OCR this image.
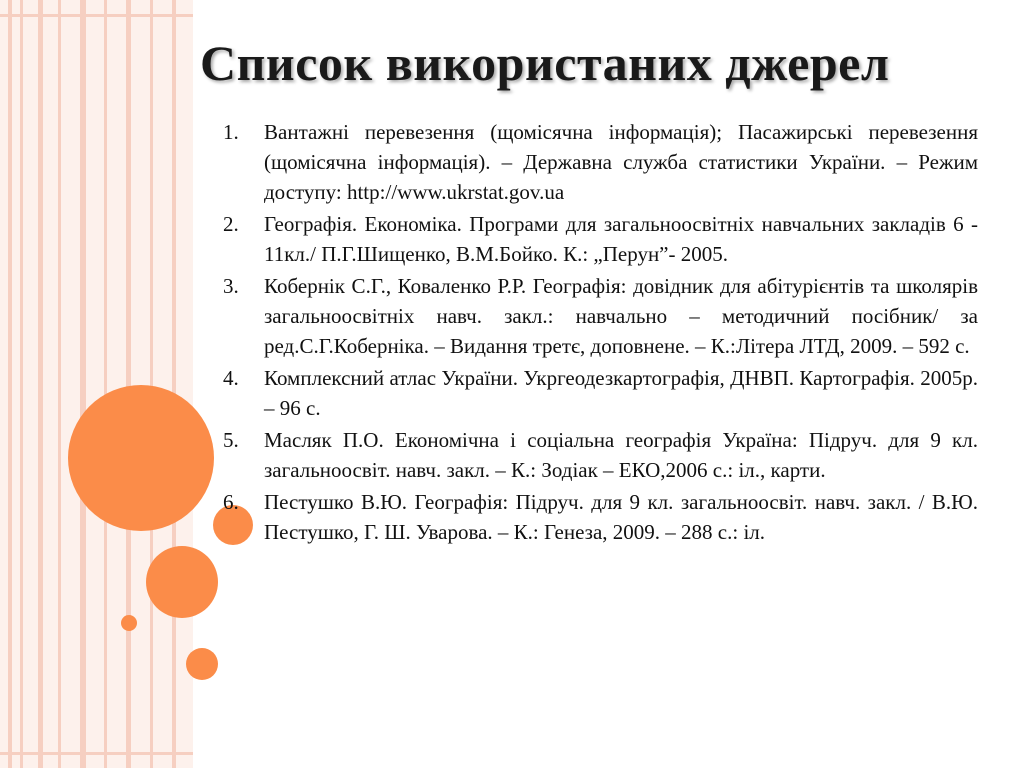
Список використаних джерел
1. Вантажні перевезення (щомісячна інформація); Пасажирські перевезення (щомісячна інформація). – Державна служба статистики України. – Режим доступу: http://www.ukrstat.gov.ua
2. Географія. Економіка. Програми для загальноосвітніх навчальних закладів 6 - 11кл./ П.Г.Шищенко, В.М.Бойко. К.: „Перун”- 2005.
3. Кобернік С.Г., Коваленко Р.Р. Географія: довідник для абітурієнтів та школярів загальноосвітніх навч. закл.: навчально – методичний посібник/ за ред.С.Г.Коберніка. – Видання третє, доповнене. – К.:Літера ЛТД, 2009. – 592 с.
4. Комплексний атлас України. Укргеодезкартографія, ДНВП. Картографія. 2005р. – 96 с.
5. Масляк П.О. Економічна і соціальна географія Україна: Підруч. для 9 кл. загальноосвіт. навч. закл. – К.: Зодіак – ЕКО,2006 с.: іл., карти.
6. Пестушко В.Ю. Географія: Підруч. для 9 кл. загальноосвіт. навч. закл. / В.Ю. Пестушко, Г. Ш. Уварова. – К.: Генеза, 2009. – 288 с.: іл.
